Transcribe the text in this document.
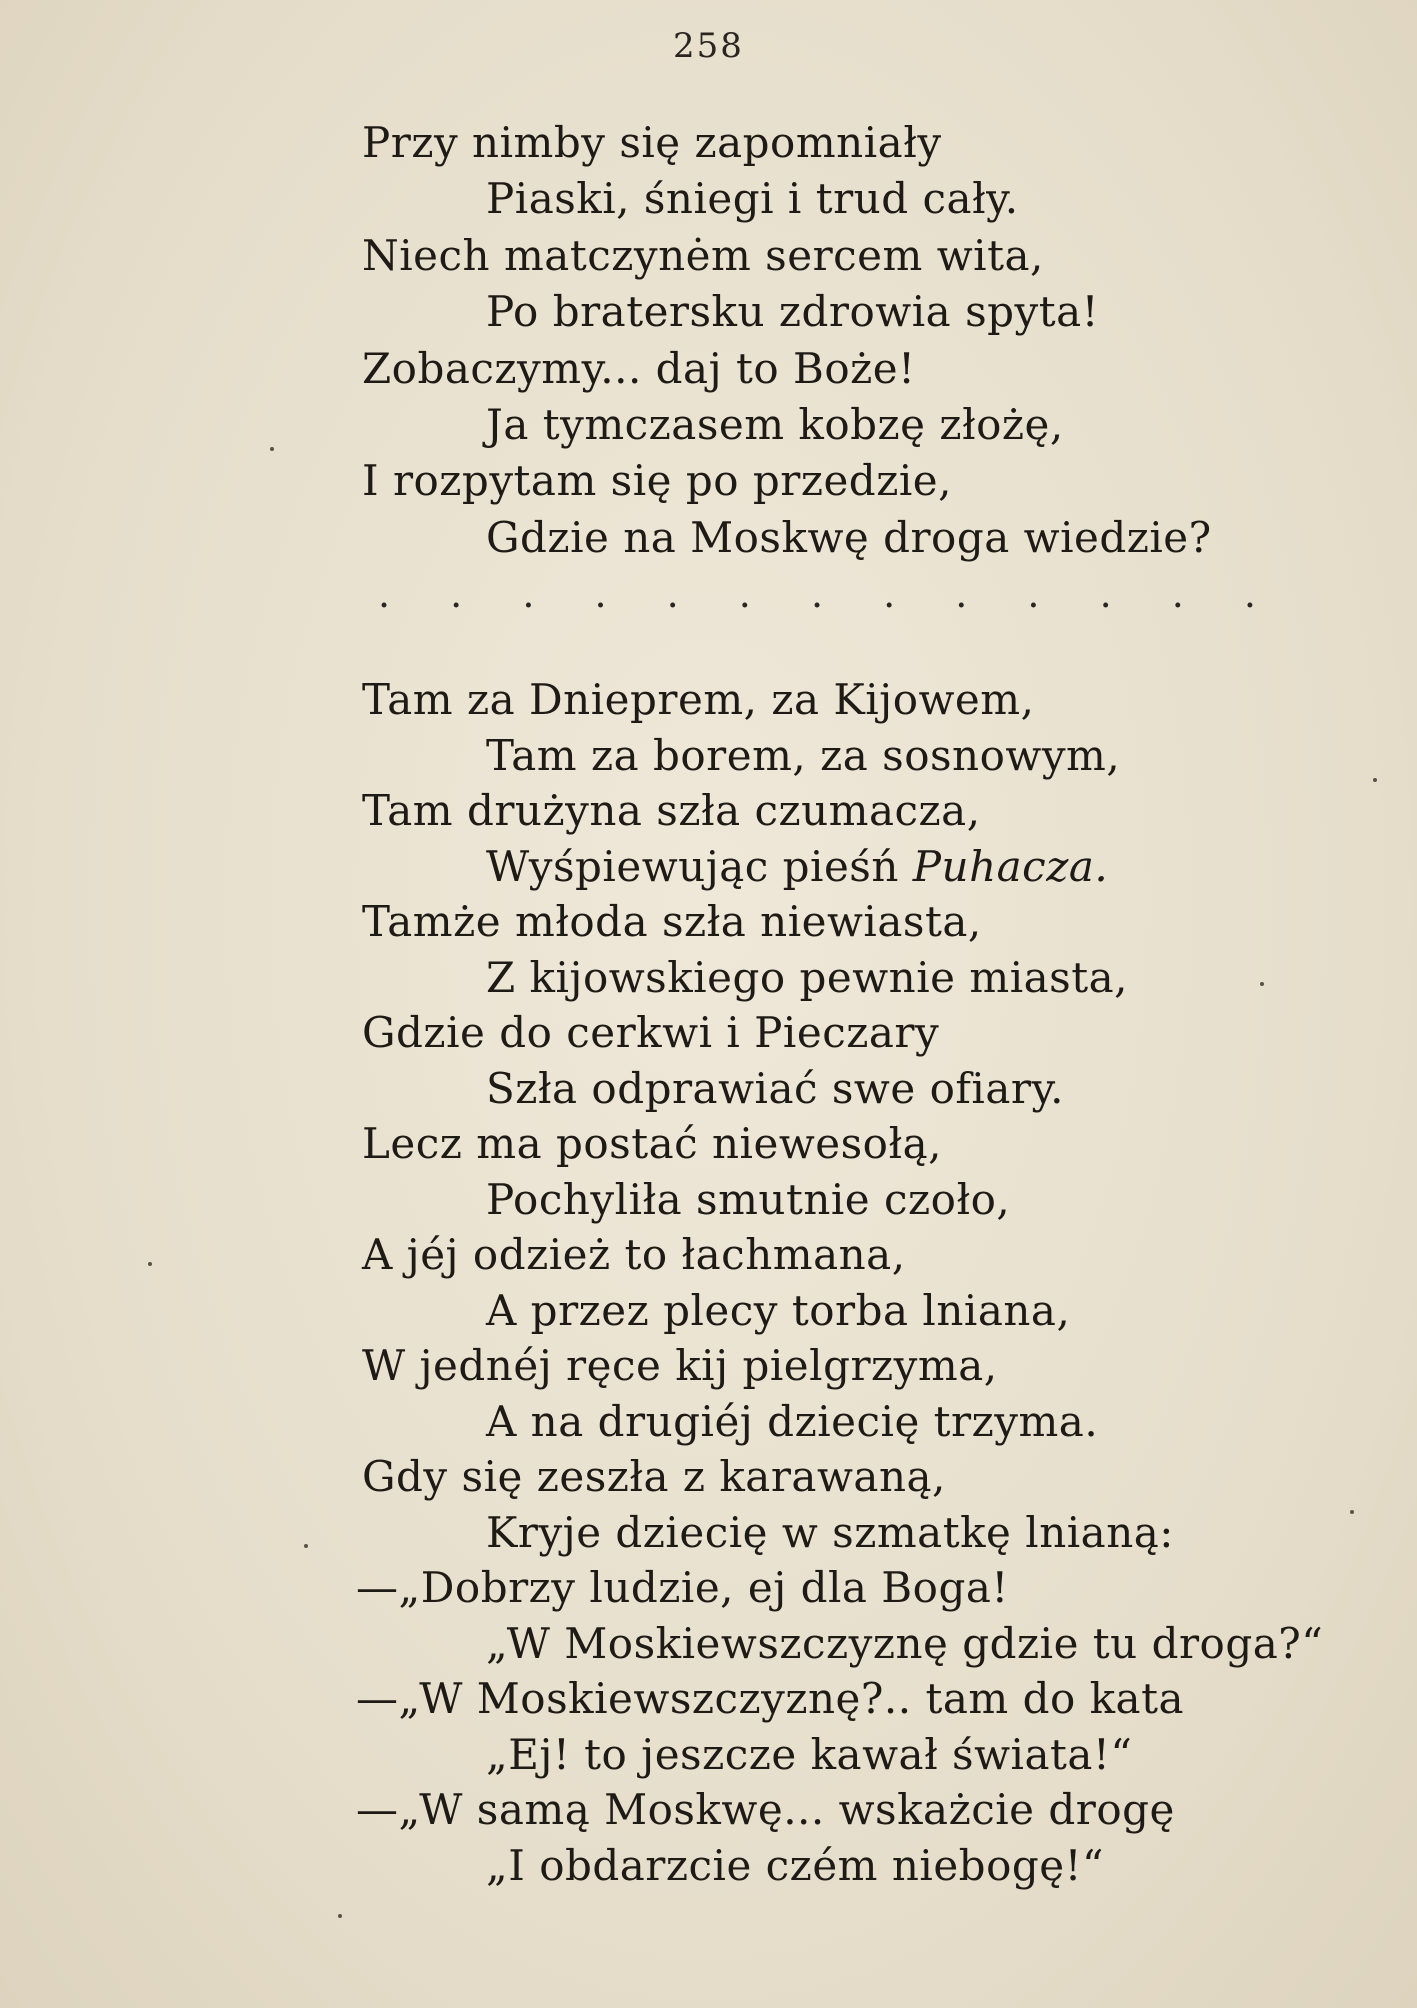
258
Przy nimby się zapomniały
Piaski, śniegi i trud cały.
Niech matczynėm sercem wita,
Po bratersku zdrowia spyta!
Zobaczymy... daj to Boże!
Ja tymczasem kobzę złożę,
I rozpytam się po przedzie,
Gdzie na Moskwę droga wiedzie?
. . . . . . . . . . . . .
Tam za Dnieprem, za Kijowem,
Tam za borem, za sosnowym,
Tam drużyna szła czumacza,
Wyśpiewując pieśń Puhacza.
Tamże młoda szła niewiasta,
Z kijowskiego pewnie miasta,
Gdzie do cerkwi i Pieczary
Szła odprawiać swe ofiary.
Lecz ma postać niewesołą,
Pochyliła smutnie czoło,
A jéj odzież to łachmana,
A przez plecy torba lniana,
W jednéj ręce kij pielgrzyma,
A na drugiéj dziecię trzyma.
Gdy się zeszła z karawaną,
Kryje dziecię w szmatkę lnianą:
—„Dobrzy ludzie, ej dla Boga!
„W Moskiewszczyznę gdzie tu droga?“
—„W Moskiewszczyznę?.. tam do kata
„Ej! to jeszcze kawał świata!“
—„W samą Moskwę... wskażcie drogę
„I obdarzcie czém niebogę!“
